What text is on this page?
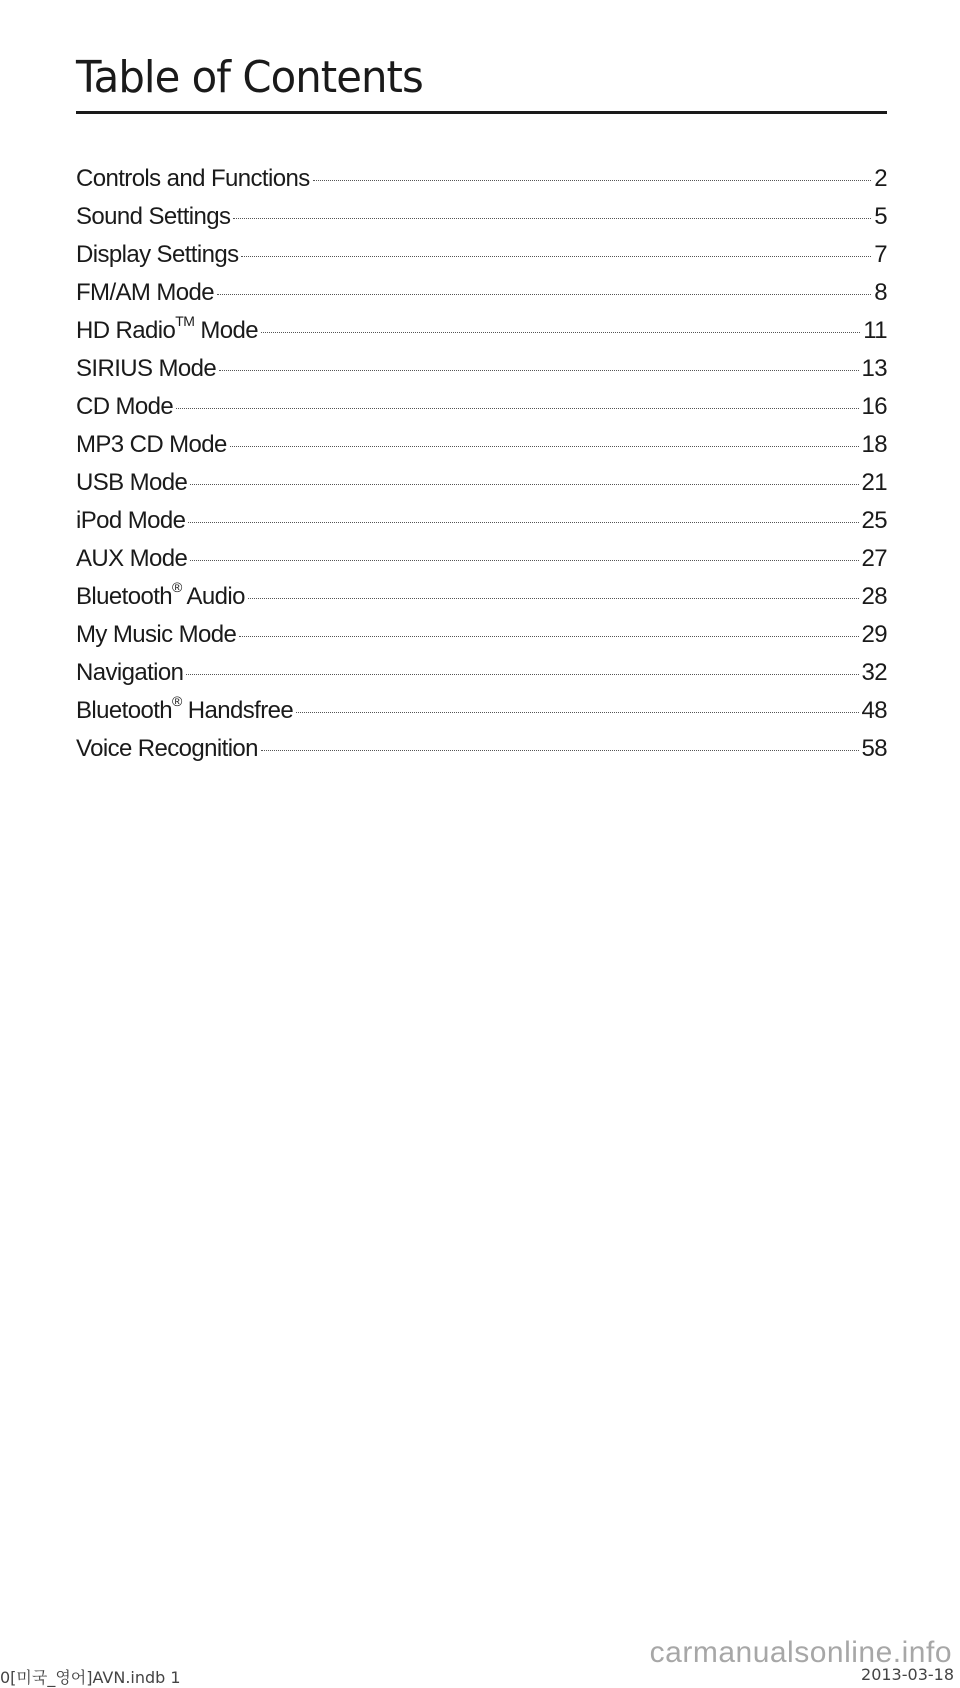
Table of Contents
Controls and Functions	2
Sound Settings	5
Display Settings	7
FM/AM Mode	8
HD Radio™ Mode	11
SIRIUS Mode	13
CD Mode	16
MP3 CD Mode	18
USB Mode	21
iPod Mode	25
AUX Mode	27
Bluetooth® Audio	28
My Music Mode	29
Navigation	32
Bluetooth® Handsfree	48
Voice Recognition	58
carmanualsonline.info
0[미국_영어]AVN.indb 1	2013-03-18
